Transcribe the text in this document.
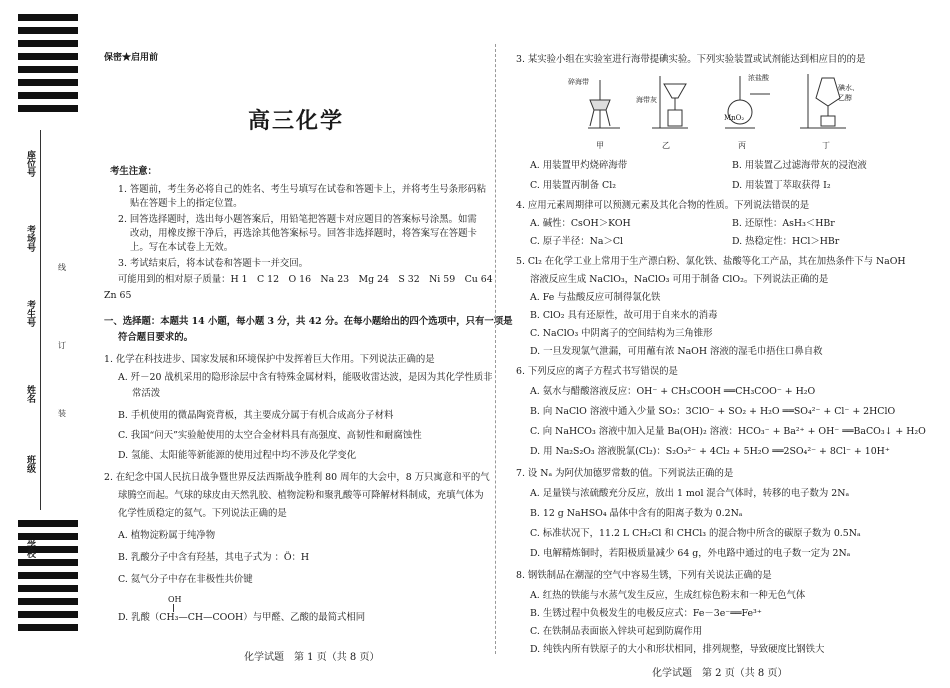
座位号
考场号
考生号
姓名
班级
学校
线
订
装
保密★启用前
高三化学
考生注意：
1. 答题前，考生务必将自己的姓名、考生号填写在试卷和答题卡上，并将考生号条形码粘
贴在答题卡上的指定位置。
2. 回答选择题时，选出每小题答案后，用铅笔把答题卡对应题目的答案标号涂黑。如需
改动，用橡皮擦干净后，再选涂其他答案标号。回答非选择题时，将答案写在答题卡
上。写在本试卷上无效。
3. 考试结束后，将本试卷和答题卡一并交回。
可能用到的相对原子质量：H 1　C 12　O 16　Na 23　Mg 24　S 32　Ni 59　Cu 64
Zn 65
一、选择题：本题共 14 小题，每小题 3 分，共 42 分。在每小题给出的四个选项中，只有一项是
符合题目要求的。
1. 化学在科技进步、国家发展和环境保护中发挥着巨大作用。下列说法正确的是
A. 歼－20 战机采用的隐形涂层中含有特殊金属材料，能吸收雷达波，是因为其化学性质非
常活泼
B. 手机使用的微晶陶瓷背板，其主要成分属于有机合成高分子材料
C. 我国“问天”实验舱使用的太空合金材料具有高强度、高韧性和耐腐蚀性
D. 氢能、太阳能等新能源的使用过程中均不涉及化学变化
2. 在纪念中国人民抗日战争暨世界反法西斯战争胜利 80 周年的大会中，8 万只寓意和平的气
球腾空而起。气球的球皮由天然乳胶、植物淀粉和聚乳酸等可降解材料制成，充填气体为
化学性质稳定的氦气。下列说法正确的是
A. 植物淀粉属于纯净物
B. 乳酸分子中含有羟基，其电子式为 ：Ö：H
C. 氦气分子中存在非极性共价键
OH
D. 乳酸（CH₃—CH—COOH）与甲醛、乙酸的最简式相同
化学试题　第 1 页（共 8 页）
3. 某实验小组在实验室进行海带提碘实验。下列实验装置或试剂能达到相应目的的是
碎海带
海带灰
浓盐酸
MnO₂
碘水、
乙醇
甲	乙	丙	丁
A. 用装置甲灼烧碎海带	B. 用装置乙过滤海带灰的浸泡液
C. 用装置丙制备 Cl₂	D. 用装置丁萃取获得 I₂
4. 应用元素周期律可以预测元素及其化合物的性质。下列说法错误的是
A. 碱性：CsOH＞KOH	B. 还原性：AsH₃＜HBr
C. 原子半径：Na＞Cl	D. 热稳定性：HCl＞HBr
5. Cl₂ 在化学工业上常用于生产漂白粉、氯化铁、盐酸等化工产品，其在加热条件下与 NaOH
溶液反应生成 NaClO₃，NaClO₃ 可用于制备 ClO₂。下列说法正确的是
A. Fe 与盐酸反应可制得氯化铁
B. ClO₂ 具有还原性，故可用于自来水的消毒
C. NaClO₃ 中阴离子的空间结构为三角锥形
D. 一旦发现氯气泄漏，可用蘸有浓 NaOH 溶液的湿毛巾捂住口鼻自救
6. 下列反应的离子方程式书写错误的是
A. 氨水与醋酸溶液反应：OH⁻ + CH₃COOH ══CH₃COO⁻ + H₂O
B. 向 NaClO 溶液中通入少量 SO₂：3ClO⁻ + SO₂ + H₂O ══SO₄²⁻ + Cl⁻ + 2HClO
C. 向 NaHCO₃ 溶液中加入足量 Ba(OH)₂ 溶液：HCO₃⁻ + Ba²⁺ + OH⁻ ══BaCO₃↓ + H₂O
D. 用 Na₂S₂O₃ 溶液脱氯(Cl₂)：S₂O₃²⁻ + 4Cl₂ + 5H₂O ══2SO₄²⁻ + 8Cl⁻ + 10H⁺
7. 设 Nₐ 为阿伏加德罗常数的值。下列说法正确的是
A. 足量镁与浓硫酸充分反应，放出 1 mol 混合气体时，转移的电子数为 2Nₐ
B. 12 g NaHSO₄ 晶体中含有的阳离子数为 0.2Nₐ
C. 标准状况下，11.2 L CH₂Cl 和 CHCl₃ 的混合物中所含的碳原子数为 0.5Nₐ
D. 电解精炼铜时，若阳极质量减少 64 g，外电路中通过的电子数一定为 2Nₐ
8. 钢铁制品在潮湿的空气中容易生锈，下列有关说法正确的是
A. 红热的铁能与水蒸气发生反应，生成红棕色粉末和一种无色气体
B. 生锈过程中负极发生的电极反应式：Fe－3e⁻══Fe³⁺
C. 在铁制品表面嵌入锌块可起到防腐作用
D. 纯铁内所有铁原子的大小和形状相同，排列规整，导致硬度比钢铁大
化学试题　第 2 页（共 8 页）
